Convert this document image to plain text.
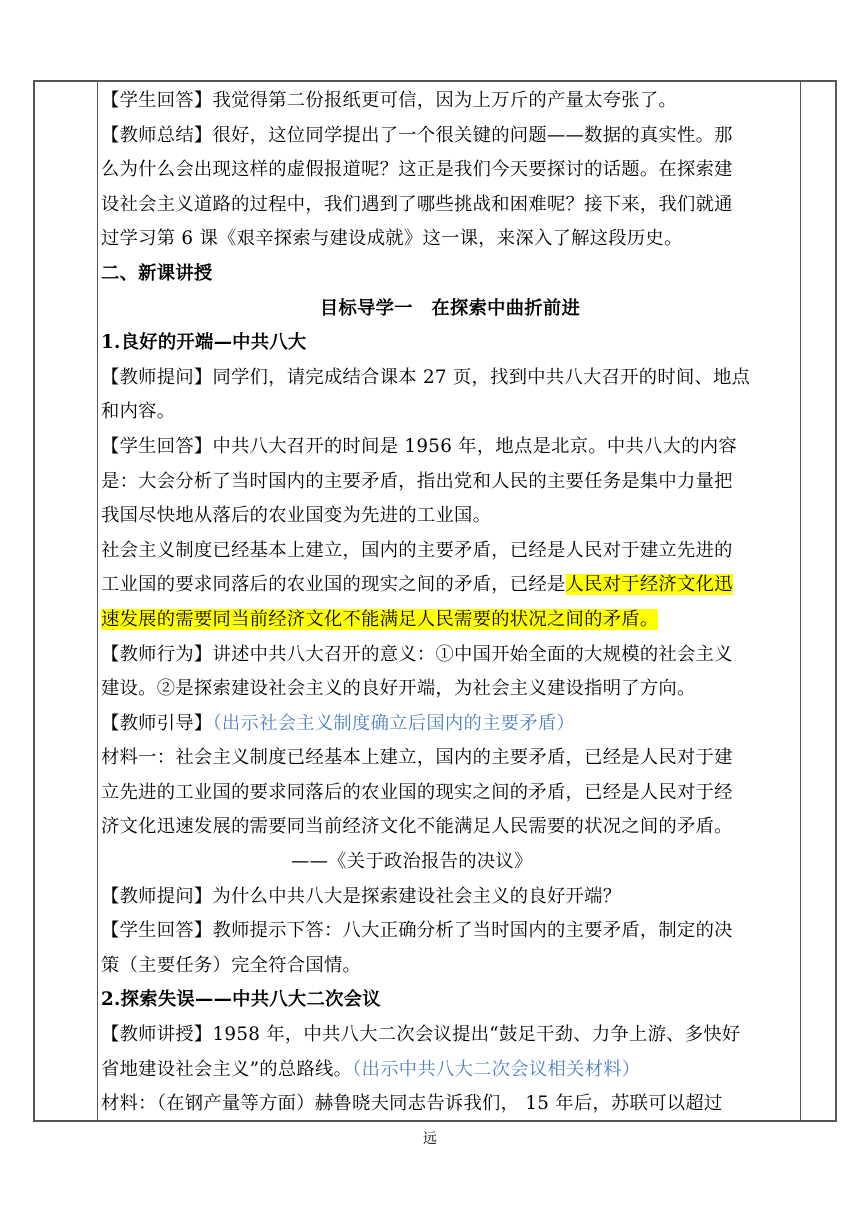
【学生回答】我觉得第二份报纸更可信，因为上万斤的产量太夸张了。

【教师总结】很好，这位同学提出了一个很关键的问题——数据的真实性。那

么为什么会出现这样的虚假报道呢？这正是我们今天要探讨的话题。在探索建

设社会主义道路的过程中，我们遇到了哪些挑战和困难呢？接下来，我们就通

过学习第 6 课《艰辛探索与建设成就》这一课，来深入了解这段历史。

二、新课讲授

目标导学一　在探索中曲折前进

1.良好的开端—中共八大

【教师提问】同学们，请完成结合课本 27 页，找到中共八大召开的时间、地点

和内容。

【学生回答】中共八大召开的时间是 1956 年，地点是北京。中共八大的内容

是：大会分析了当时国内的主要矛盾，指出党和人民的主要任务是集中力量把

我国尽快地从落后的农业国变为先进的工业国。

社会主义制度已经基本上建立，国内的主要矛盾，已经是人民对于建立先进的

工业国的要求同落后的农业国的现实之间的矛盾，已经是人民对于经济文化迅

速发展的需要同当前经济文化不能满足人民需要的状况之间的矛盾。

【教师行为】讲述中共八大召开的意义：①中国开始全面的大规模的社会主义

建设。②是探索建设社会主义的良好开端，为社会主义建设指明了方向。

【教师引导】（出示社会主义制度确立后国内的主要矛盾）

材料一：社会主义制度已经基本上建立，国内的主要矛盾，已经是人民对于建

立先进的工业国的要求同落后的农业国的现实之间的矛盾，已经是人民对于经

济文化迅速发展的需要同当前经济文化不能满足人民需要的状况之间的矛盾。

——《关于政治报告的决议》

【教师提问】为什么中共八大是探索建设社会主义的良好开端？

【学生回答】教师提示下答：八大正确分析了当时国内的主要矛盾，制定的决

策（主要任务）完全符合国情。

2.探索失误——中共八大二次会议

【教师讲授】1958 年，中共八大二次会议提出“鼓足干劲、力争上游、多快好

省地建设社会主义”的总路线。（出示中共八大二次会议相关材料）

材料：（在钢产量等方面）赫鲁晓夫同志告诉我们， 15 年后，苏联可以超过

远
